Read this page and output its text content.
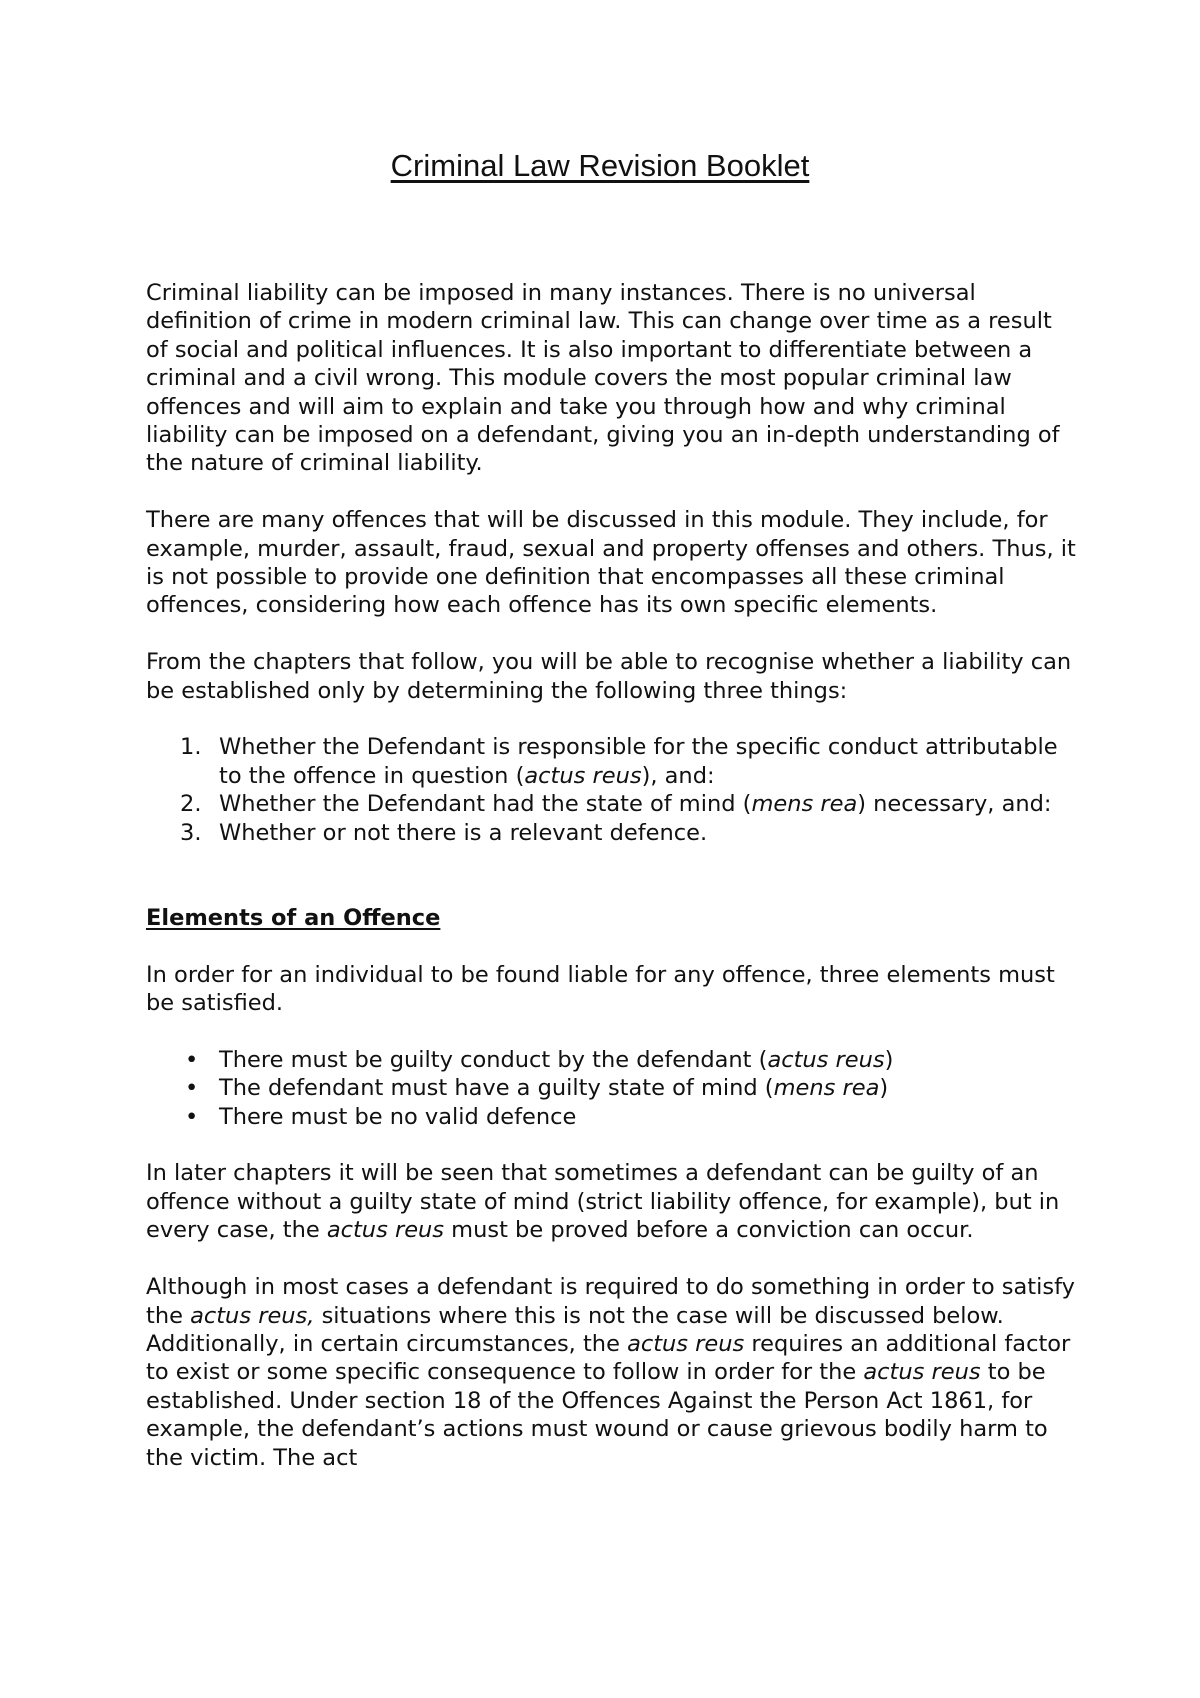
Criminal Law Revision Booklet

Criminal liability can be imposed in many instances. There is no universal definition of crime in modern criminal law. This can change over time as a result of social and political influences. It is also important to differentiate between a criminal and a civil wrong. This module covers the most popular criminal law offences and will aim to explain and take you through how and why criminal liability can be imposed on a defendant, giving you an in-depth understanding of the nature of criminal liability.

There are many offences that will be discussed in this module. They include, for example, murder, assault, fraud, sexual and property offenses and others. Thus, it is not possible to provide one definition that encompasses all these criminal offences, considering how each offence has its own specific elements.

From the chapters that follow, you will be able to recognise whether a liability can be established only by determining the following three things:

1. Whether the Defendant is responsible for the specific conduct attributable to the offence in question (actus reus), and:
2. Whether the Defendant had the state of mind (mens rea) necessary, and:
3. Whether or not there is a relevant defence.

Elements of an Offence

In order for an individual to be found liable for any offence, three elements must be satisfied.

• There must be guilty conduct by the defendant (actus reus)
• The defendant must have a guilty state of mind (mens rea)
• There must be no valid defence

In later chapters it will be seen that sometimes a defendant can be guilty of an offence without a guilty state of mind (strict liability offence, for example), but in every case, the actus reus must be proved before a conviction can occur.

Although in most cases a defendant is required to do something in order to satisfy the actus reus, situations where this is not the case will be discussed below. Additionally, in certain circumstances, the actus reus requires an additional factor to exist or some specific consequence to follow in order for the actus reus to be established. Under section 18 of the Offences Against the Person Act 1861, for example, the defendant’s actions must wound or cause grievous bodily harm to the victim. The act
